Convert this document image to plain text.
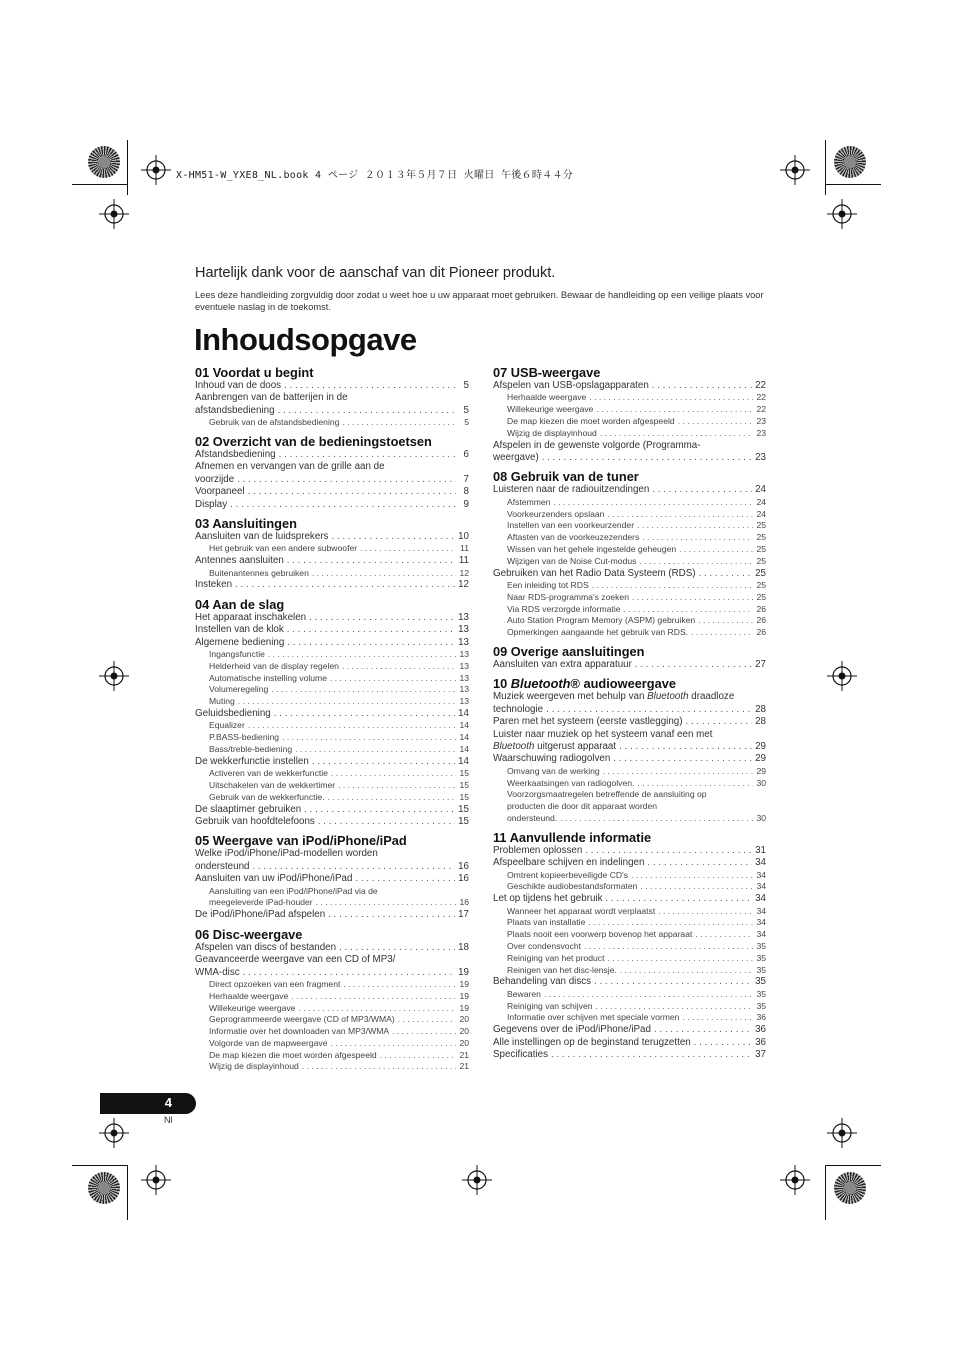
X-HM51-W_YXE8_NL.book 4 ページ ２０１３年５月７日 火曜日 午後６時４４分
Hartelijk dank voor de aanschaf van dit Pioneer produkt.
Lees deze handleiding zorgvuldig door zodat u weet hoe u uw apparaat moet gebruiken. Bewaar de handleiding op een veilige plaats voor eventuele naslag in de toekomst.
Inhoudsopgave
01 Voordat u begint
Inhoud van de doos . . .	5
Aanbrengen van de batterijen in de
afstandsbediening . . .	5
Gebruik van de afstandsbediening . . .	5
02 Overzicht van de bedieningstoetsen
Afstandsbediening . . .	6
Afnemen en vervangen van de grille aan de
voorzijde . . .	7
Voorpaneel . . .	8
Display . . .	9
03 Aansluitingen
Aansluiten van de luidsprekers . . .	10
Het gebruik van een andere subwoofer . . .	11
Antennes aansluiten . . .	11
Buitenantennes gebruiken . . .	12
Insteken . . .	12
04 Aan de slag
Het apparaat inschakelen . . .	13
Instellen van de klok . . .	13
Algemene bediening . . .	13
Ingangsfunctie . . .	13
Helderheid van de display regelen . . .	13
Automatische instelling volume . . .	13
Volumeregeling . . .	13
Muting . . .	13
Geluidsbediening . . .	14
Equalizer . . .	14
P.BASS-bediening . . .	14
Bass/treble-bediening . . .	14
De wekkerfunctie instellen . . .	14
Activeren van de wekkerfunctie . . .	15
Uitschakelen van de wekkertimer . . .	15
Gebruik van de wekkerfunctie. . . .	15
De slaaptimer gebruiken . . .	15
Gebruik van hoofdtelefoons . . .	15
05 Weergave van iPod/iPhone/iPad
Welke iPod/iPhone/iPad-modellen worden
ondersteund . . .	16
Aansluiten van uw iPod/iPhone/iPad . . .	16
Aansluiting van een iPod/iPhone/iPad via de
meegeleverde iPad-houder . . .	16
De iPod/iPhone/iPad afspelen . . .	17
06 Disc-weergave
Afspelen van discs of bestanden . . .	18
Geavanceerde weergave van een CD of MP3/
WMA-disc . . .	19
Direct opzoeken van een fragment . . .	19
Herhaalde weergave . . .	19
Willekeurige weergave . . .	19
Geprogrammeerde weergave (CD of MP3/WMA) . . .	20
Informatie over het downloaden van MP3/WMA . . .	20
Volgorde van de mapweergave . . .	20
De map kiezen die moet worden afgespeeld . . .	21
Wijzig de displayinhoud . . .	21
07 USB-weergave
Afspelen van USB-opslagapparaten . . .	22
Herhaalde weergave . . .	22
Willekeurige weergave . . .	22
De map kiezen die moet worden afgespeeld . . .	23
Wijzig de displayinhoud . . .	23
Afspelen in de gewenste volgorde (Programma-
weergave) . . .	23
08 Gebruik van de tuner
Luisteren naar de radiouitzendingen . . .	24
Afstemmen . . .	24
Voorkeurzenders opslaan . . .	24
Instellen van een voorkeurzender . . .	25
Aftasten van de voorkeuzezenders . . .	25
Wissen van het gehele ingestelde geheugen . . .	25
Wijzigen van de Noise Cut-modus . . .	25
Gebruiken van het Radio Data Systeem (RDS) . . .	25
Een inleiding tot RDS . . .	25
Naar RDS-programma's zoeken . . .	25
Via RDS verzorgde informatie . . .	26
Auto Station Program Memory (ASPM) gebruiken . . .	26
Opmerkingen aangaande het gebruik van RDS. . . .	26
09 Overige aansluitingen
Aansluiten van extra apparatuur . . .	27
10 Bluetooth® audioweergave
Muziek weergeven met behulp van Bluetooth draadloze
technologie . . .	28
Paren met het systeem (eerste vastlegging) . . .	28
Luister naar muziek op het systeem vanaf een met
Bluetooth uitgerust apparaat . . .	29
Waarschuwing radiogolven . . .	29
Omvang van de werking . . .	29
Weerkaatsingen van radiogolven. . . .	30
Voorzorgsmaatregelen betreffende de aansluiting op
producten die door dit apparaat worden
ondersteund. . . .	30
11 Aanvullende informatie
Problemen oplossen . . .	31
Afspeelbare schijven en indelingen . . .	34
Omtrent kopieerbeveiligde CD's . . .	34
Geschikte audiobestandsformaten . . .	34
Let op tijdens het gebruik . . .	34
Wanneer het apparaat wordt verplaatst . . .	34
Plaats van installatie . . .	34
Plaats nooit een voorwerp bovenop het apparaat . . .	34
Over condensvocht . . .	35
Reiniging van het product . . .	35
Reinigen van het disc-lensje. . . .	35
Behandeling van discs . . .	35
Bewaren . . .	35
Reiniging van schijven . . .	35
Informatie over schijven met speciale vormen . . .	36
Gegevens over de iPod/iPhone/iPad . . .	36
Alle instellingen op de beginstand terugzetten . . .	36
Specificaties . . .	37
4
Nl
